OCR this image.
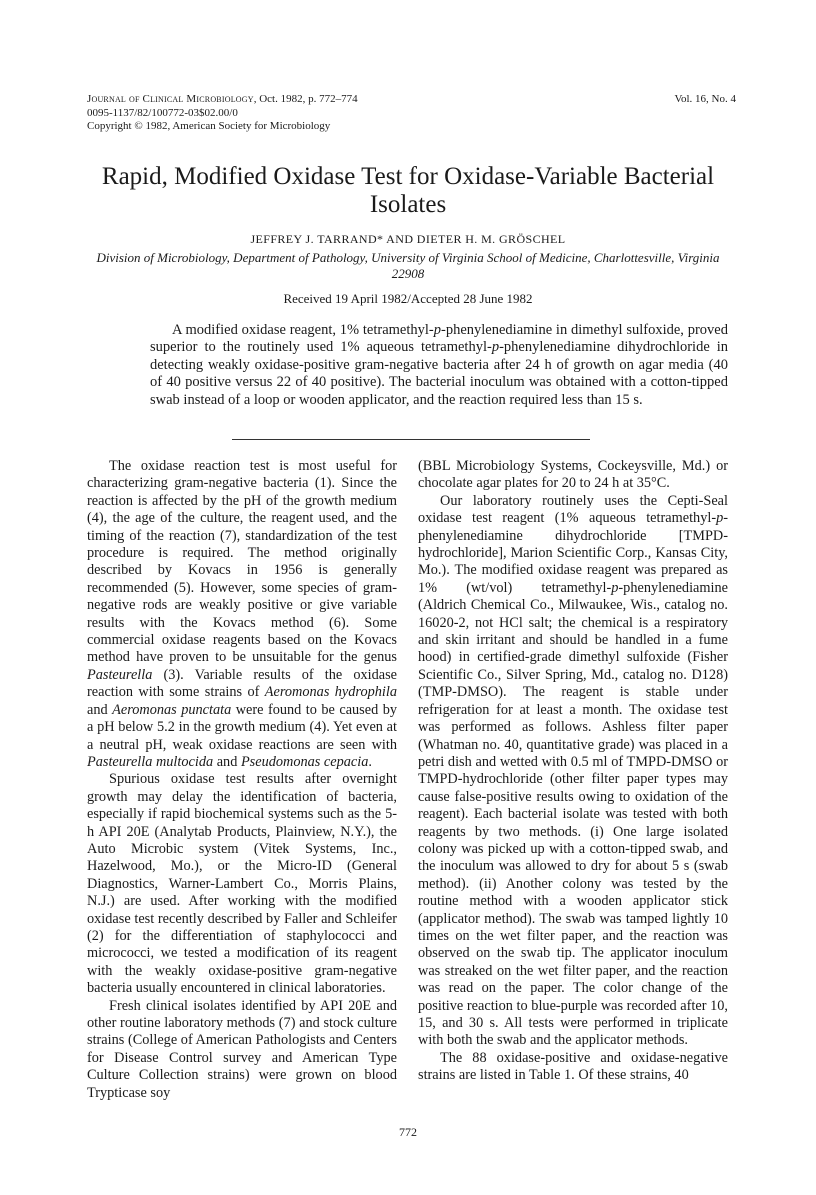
Journal of Clinical Microbiology, Oct. 1982, p. 772–774
0095-1137/82/100772-03$02.00/0
Copyright © 1982, American Society for Microbiology
Vol. 16, No. 4
Rapid, Modified Oxidase Test for Oxidase-Variable Bacterial Isolates
JEFFREY J. TARRAND* AND DIETER H. M. GRÖSCHEL
Division of Microbiology, Department of Pathology, University of Virginia School of Medicine, Charlottesville, Virginia 22908
Received 19 April 1982/Accepted 28 June 1982

A modified oxidase reagent, 1% tetramethyl-p-phenylenediamine in dimethyl sulfoxide, proved superior to the routinely used 1% aqueous tetramethyl-p-phenylenediamine dihydrochloride in detecting weakly oxidase-positive gram-negative bacteria after 24 h of growth on agar media (40 of 40 positive versus 22 of 40 positive). The bacterial inoculum was obtained with a cotton-tipped swab instead of a loop or wooden applicator, and the reaction required less than 15 s.

The oxidase reaction test is most useful for characterizing gram-negative bacteria (1). Since the reaction is affected by the pH of the growth medium (4), the age of the culture, the reagent used, and the timing of the reaction (7), standardization of the test procedure is required. The method originally described by Kovacs in 1956 is generally recommended (5). However, some species of gram-negative rods are weakly positive or give variable results with the Kovacs method (6). Some commercial oxidase reagents based on the Kovacs method have proven to be unsuitable for the genus Pasteurella (3). Variable results of the oxidase reaction with some strains of Aeromonas hydrophila and Aeromonas punctata were found to be caused by a pH below 5.2 in the growth medium (4). Yet even at a neutral pH, weak oxidase reactions are seen with Pasteurella multocida and Pseudomonas cepacia.

Spurious oxidase test results after overnight growth may delay the identification of bacteria, especially if rapid biochemical systems such as the 5-h API 20E (Analytab Products, Plainview, N.Y.), the Auto Microbic system (Vitek Systems, Inc., Hazelwood, Mo.), or the Micro-ID (General Diagnostics, Warner-Lambert Co., Morris Plains, N.J.) are used. After working with the modified oxidase test recently described by Faller and Schleifer (2) for the differentiation of staphylococci and micrococci, we tested a modification of its reagent with the weakly oxidase-positive gram-negative bacteria usually encountered in clinical laboratories.

Fresh clinical isolates identified by API 20E and other routine laboratory methods (7) and stock culture strains (College of American Pathologists and Centers for Disease Control survey and American Type Culture Collection strains) were grown on blood Trypticase soy

(BBL Microbiology Systems, Cockeysville, Md.) or chocolate agar plates for 20 to 24 h at 35°C.

Our laboratory routinely uses the Cepti-Seal oxidase test reagent (1% aqueous tetramethyl-p-phenylenediamine dihydrochloride [TMPD-hydrochloride], Marion Scientific Corp., Kansas City, Mo.). The modified oxidase reagent was prepared as 1% (wt/vol) tetramethyl-p-phenylenediamine (Aldrich Chemical Co., Milwaukee, Wis., catalog no. 16020-2, not HCl salt; the chemical is a respiratory and skin irritant and should be handled in a fume hood) in certified-grade dimethyl sulfoxide (Fisher Scientific Co., Silver Spring, Md., catalog no. D128) (TMP-DMSO). The reagent is stable under refrigeration for at least a month. The oxidase test was performed as follows. Ashless filter paper (Whatman no. 40, quantitative grade) was placed in a petri dish and wetted with 0.5 ml of TMPD-DMSO or TMPD-hydrochloride (other filter paper types may cause false-positive results owing to oxidation of the reagent). Each bacterial isolate was tested with both reagents by two methods. (i) One large isolated colony was picked up with a cotton-tipped swab, and the inoculum was allowed to dry for about 5 s (swab method). (ii) Another colony was tested by the routine method with a wooden applicator stick (applicator method). The swab was tamped lightly 10 times on the wet filter paper, and the reaction was observed on the swab tip. The applicator inoculum was streaked on the wet filter paper, and the reaction was read on the paper. The color change of the positive reaction to blue-purple was recorded after 10, 15, and 30 s. All tests were performed in triplicate with both the swab and the applicator methods.

The 88 oxidase-positive and oxidase-negative strains are listed in Table 1. Of these strains, 40

772
